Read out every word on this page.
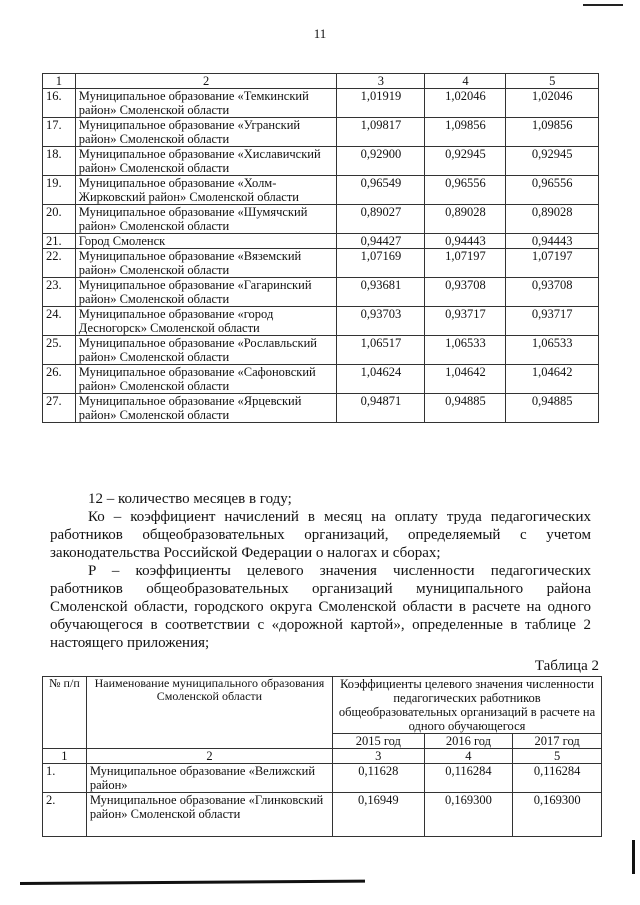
11
1	2	3	4	5
16.	Муниципальное образование «Темкинский район» Смоленской области	1,01919	1,02046	1,02046
17.	Муниципальное образование «Угранский район» Смоленской области	1,09817	1,09856	1,09856
18.	Муниципальное образование «Хиславичский район» Смоленской области	0,92900	0,92945	0,92945
19.	Муниципальное образование «Холм-Жирковский район» Смоленской области	0,96549	0,96556	0,96556
20.	Муниципальное образование «Шумячский район» Смоленской области	0,89027	0,89028	0,89028
21.	Город Смоленск	0,94427	0,94443	0,94443
22.	Муниципальное образование «Вяземский район» Смоленской области	1,07169	1,07197	1,07197
23.	Муниципальное образование «Гагаринский район» Смоленской области	0,93681	0,93708	0,93708
24.	Муниципальное образование «город Десногорск» Смоленской области	0,93703	0,93717	0,93717
25.	Муниципальное образование «Рославльский район» Смоленской области	1,06517	1,06533	1,06533
26.	Муниципальное образование «Сафоновский район» Смоленской области	1,04624	1,04642	1,04642
27.	Муниципальное образование «Ярцевский район» Смоленской области	0,94871	0,94885	0,94885
12 – количество месяцев в году;
Ко – коэффициент начислений в месяц на оплату труда педагогических работников общеобразовательных организаций, определяемый с учетом законодательства Российской Федерации о налогах и сборах;
P – коэффициенты целевого значения численности педагогических работников общеобразовательных организаций муниципального района Смоленской области, городского округа Смоленской области в расчете на одного обучающегося в соответствии с «дорожной картой», определенные в таблице 2 настоящего приложения;
Таблица 2
№ п/п	Наименование муниципального образования Смоленской области	Коэффициенты целевого значения численности педагогических работников общеобразовательных организаций в расчете на одного обучающегося		
		2015 год	2016 год	2017 год
1	2	3	4	5
1.	Муниципальное образование «Велижский район»	0,11628	0,116284	0,116284
2.	Муниципальное образование «Глинковский район» Смоленской области	0,16949	0,169300	0,169300
